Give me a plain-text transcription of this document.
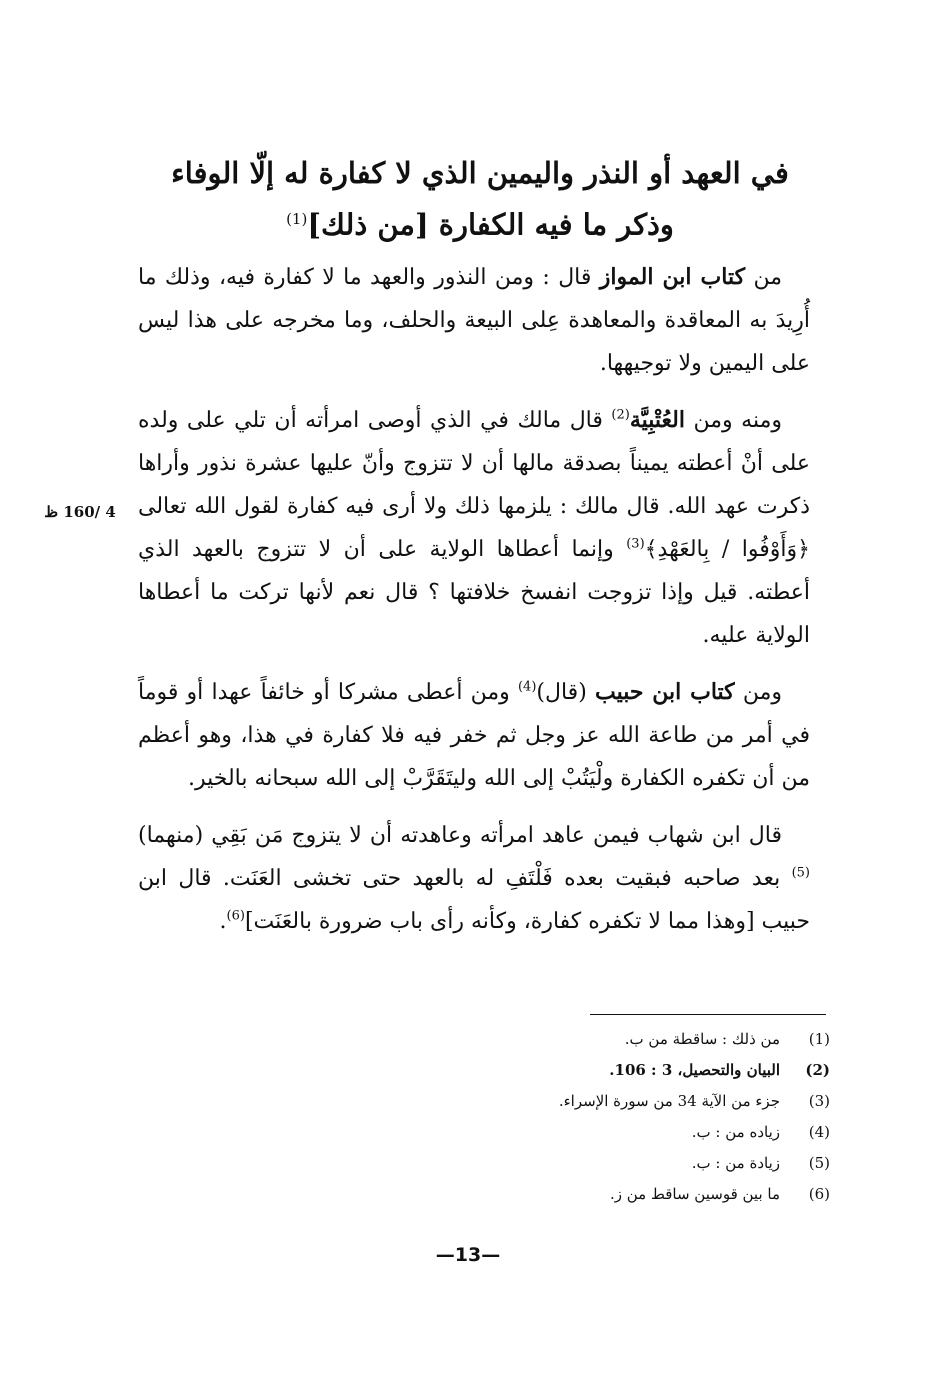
في العهد أو النذر واليمين الذي لا كفارة له إلّا الوفاء

وذكر ما فيه الكفارة [من ذلك]$^{(1)}$

من كتاب ابن المواز قال : ومن النذور والعهد ما لا كفارة فيه، وذلك ما أُرِيدَ به المعاقدة والمعاهدة عِلى البيعة والحلف، وما مخرجه على هذا ليس على اليمين ولا توجيهها.

ومنه ومن العُتْبِيَّة$^{(2)}$ قال مالك في الذي أوصى امرأته أن تلي على ولده على أنْ أعطته يميناً بصدقة مالها أن لا تتزوج وأنّ عليها عشرة نذور وأراها ذكرت عهد الله. قال مالك : يلزمها ذلك ولا أرى فيه كفارة لقول الله تعالى ﴿وَأَوْفُوا / بِالعَهْدِ﴾$^{(3)}$ وإنما أعطاها الولاية على أن لا تتزوج بالعهد الذي أعطته. قيل وإذا تزوجت انفسخ خلافتها ؟ قال نعم لأنها تركت ما أعطاها الولاية عليه.

ومن كتاب ابن حبيب (قال)$^{(4)}$ ومن أعطى مشركا أو خائفاً عهدا أو قوماً في أمر من طاعة الله عز وجل ثم خفر فيه فلا كفارة في هذا، وهو أعظم من أن تكفره الكفارة ولْيَتُبْ إلى الله وليتَقَرَّبْ إلى الله سبحانه بالخير.

قال ابن شهاب فيمن عاهد امرأته وعاهدته أن لا يتزوج مَن بَقِي (منهما)$^{(5)}$ بعد صاحبه فبقيت بعده فَلْتَفِ له بالعهد حتى تخشى العَنَت. قال ابن حبيب [وهذا مما لا تكفره كفارة، وكأنه رأى باب ضرورة بالعَنَت]$^{(6)}$.

4 /160 ظ
(1)من ذلك : ساقطة من ب.
(2)البيان والتحصيل، 3 : 106.
(3)جزء من الآية 34 من سورة الإسراء.
(4)زياده من : ب.
(5)زيادة من : ب.
(6)ما بين قوسين ساقط من ز.
—13—
